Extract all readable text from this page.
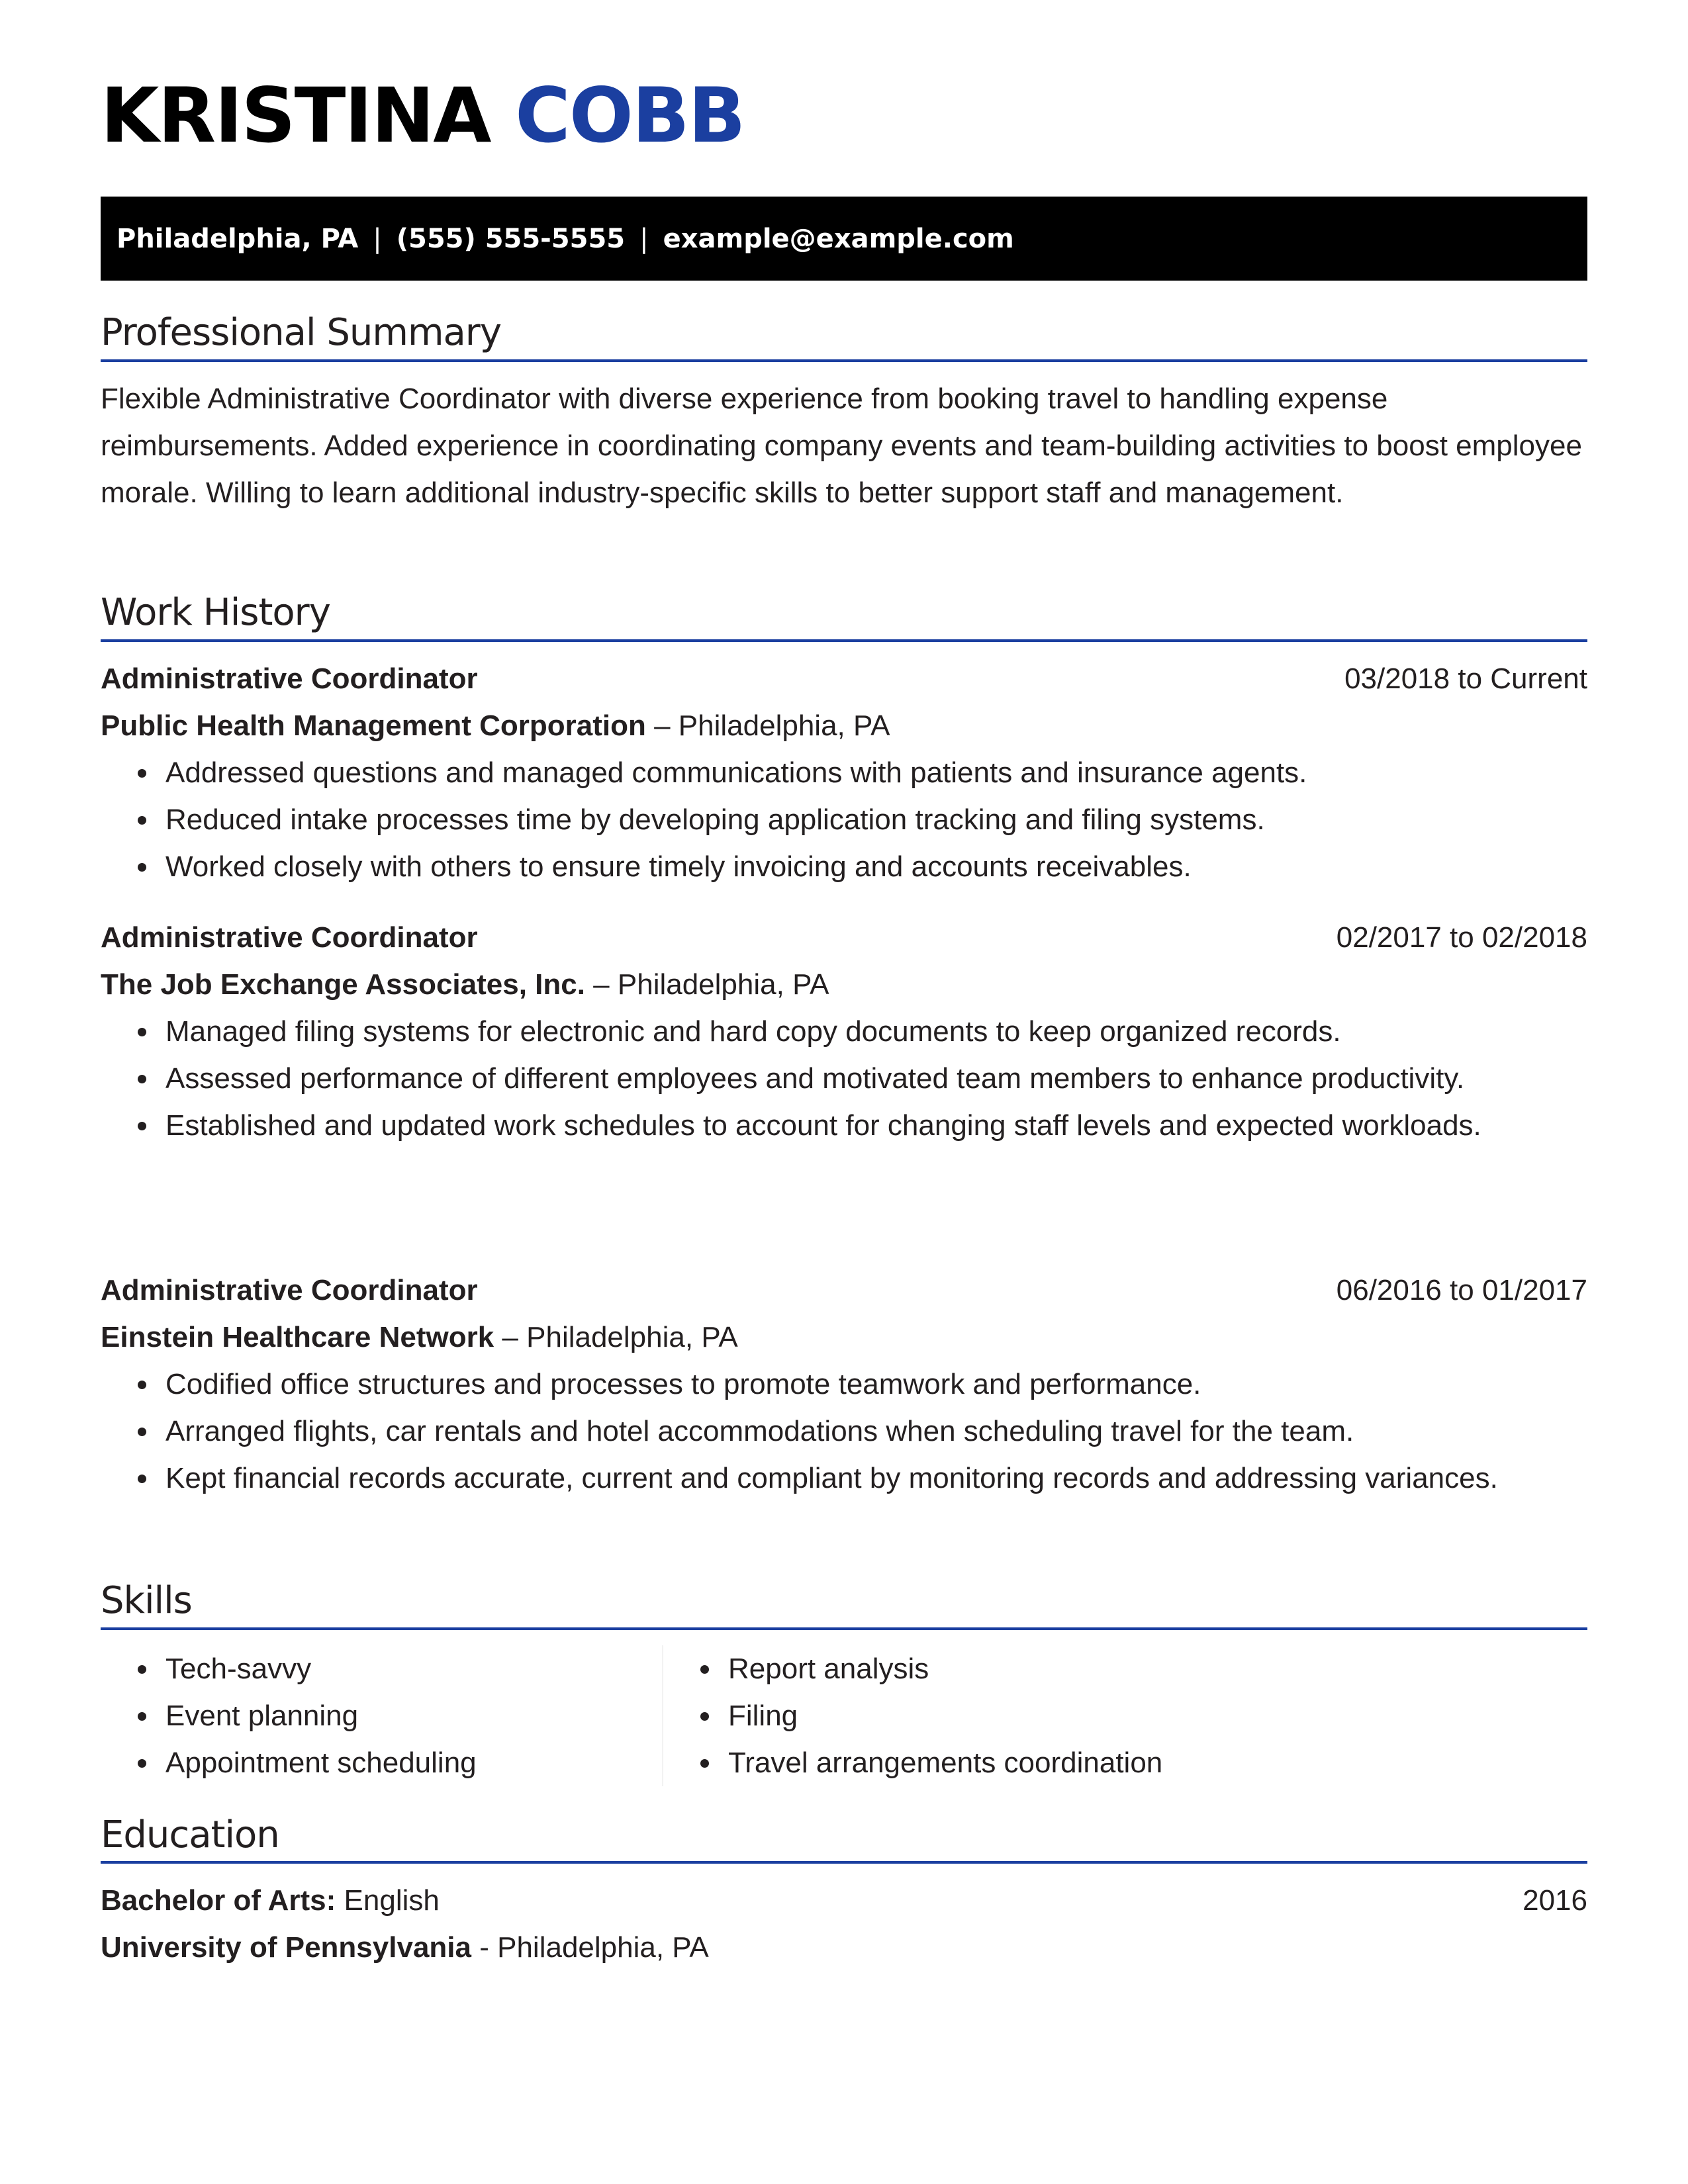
KRISTINA COBB
Philadelphia, PA | (555) 555-5555 | example@example.com
Professional Summary

Flexible Administrative Coordinator with diverse experience from booking travel to handling expense reimbursements. Added experience in coordinating company events and team-building activities to boost employee morale. Willing to learn additional industry-specific skills to better support staff and management.

Work History
Administrative Coordinator	03/2018 to Current
Public Health Management Corporation – Philadelphia, PA
Addressed questions and managed communications with patients and insurance agents.
Reduced intake processes time by developing application tracking and filing systems.
Worked closely with others to ensure timely invoicing and accounts receivables.
Administrative Coordinator	02/2017 to 02/2018
The Job Exchange Associates, Inc. – Philadelphia, PA
Managed filing systems for electronic and hard copy documents to keep organized records.
Assessed performance of different employees and motivated team members to enhance productivity.
Established and updated work schedules to account for changing staff levels and expected workloads.
Administrative Coordinator	06/2016 to 01/2017
Einstein Healthcare Network – Philadelphia, PA
Codified office structures and processes to promote teamwork and performance.
Arranged flights, car rentals and hotel accommodations when scheduling travel for the team.
Kept financial records accurate, current and compliant by monitoring records and addressing variances.
Skills
Tech-savvy
Event planning
Appointment scheduling
Report analysis
Filing
Travel arrangements coordination
Education
Bachelor of Arts: English	2016
University of Pennsylvania - Philadelphia, PA
